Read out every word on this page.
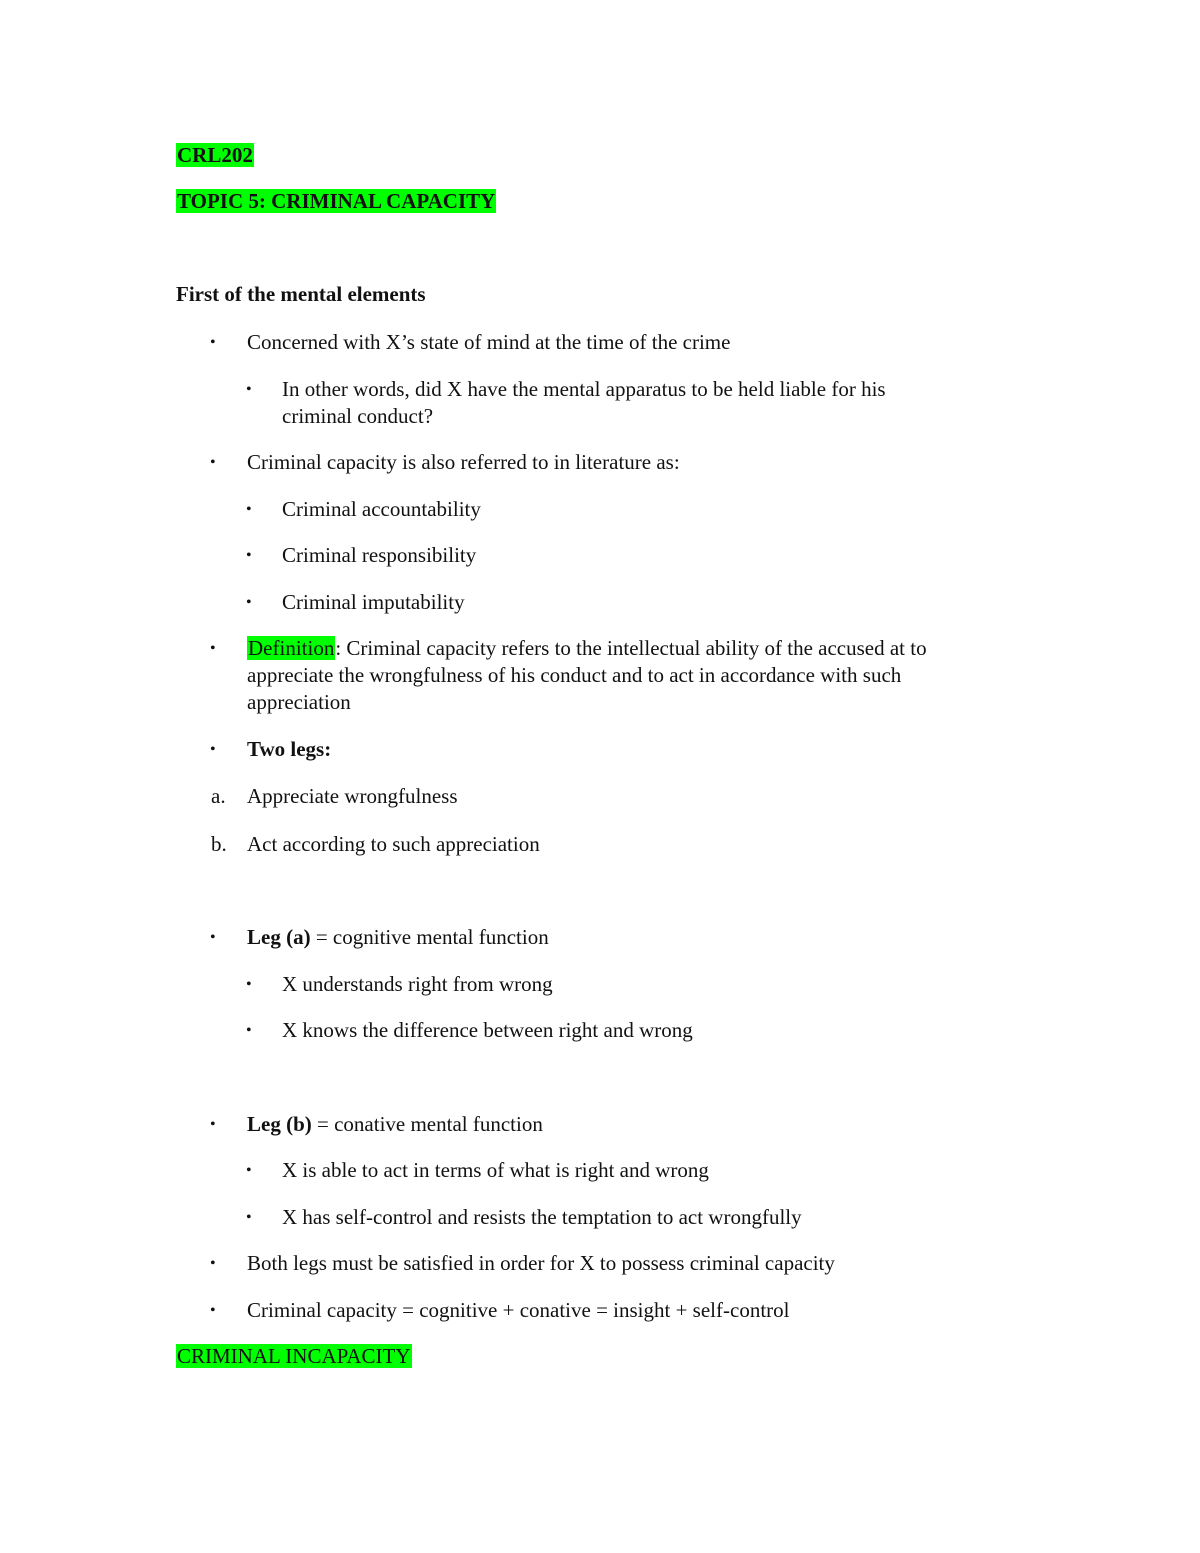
CRL202
TOPIC 5: CRIMINAL CAPACITY
First of the mental elements
• Concerned with X’s state of mind at the time of the crime
• In other words, did X have the mental apparatus to be held liable for his
criminal conduct?
• Criminal capacity is also referred to in literature as:
• Criminal accountability
• Criminal responsibility
• Criminal imputability
• Definition: Criminal capacity refers to the intellectual ability of the accused at to
appreciate the wrongfulness of his conduct and to act in accordance with such
appreciation
• Two legs:
a. Appreciate wrongfulness
b. Act according to such appreciation
• Leg (a) = cognitive mental function
• X understands right from wrong
• X knows the difference between right and wrong
• Leg (b) = conative mental function
• X is able to act in terms of what is right and wrong
• X has self-control and resists the temptation to act wrongfully
• Both legs must be satisfied in order for X to possess criminal capacity
• Criminal capacity = cognitive + conative = insight + self-control
CRIMINAL INCAPACITY
